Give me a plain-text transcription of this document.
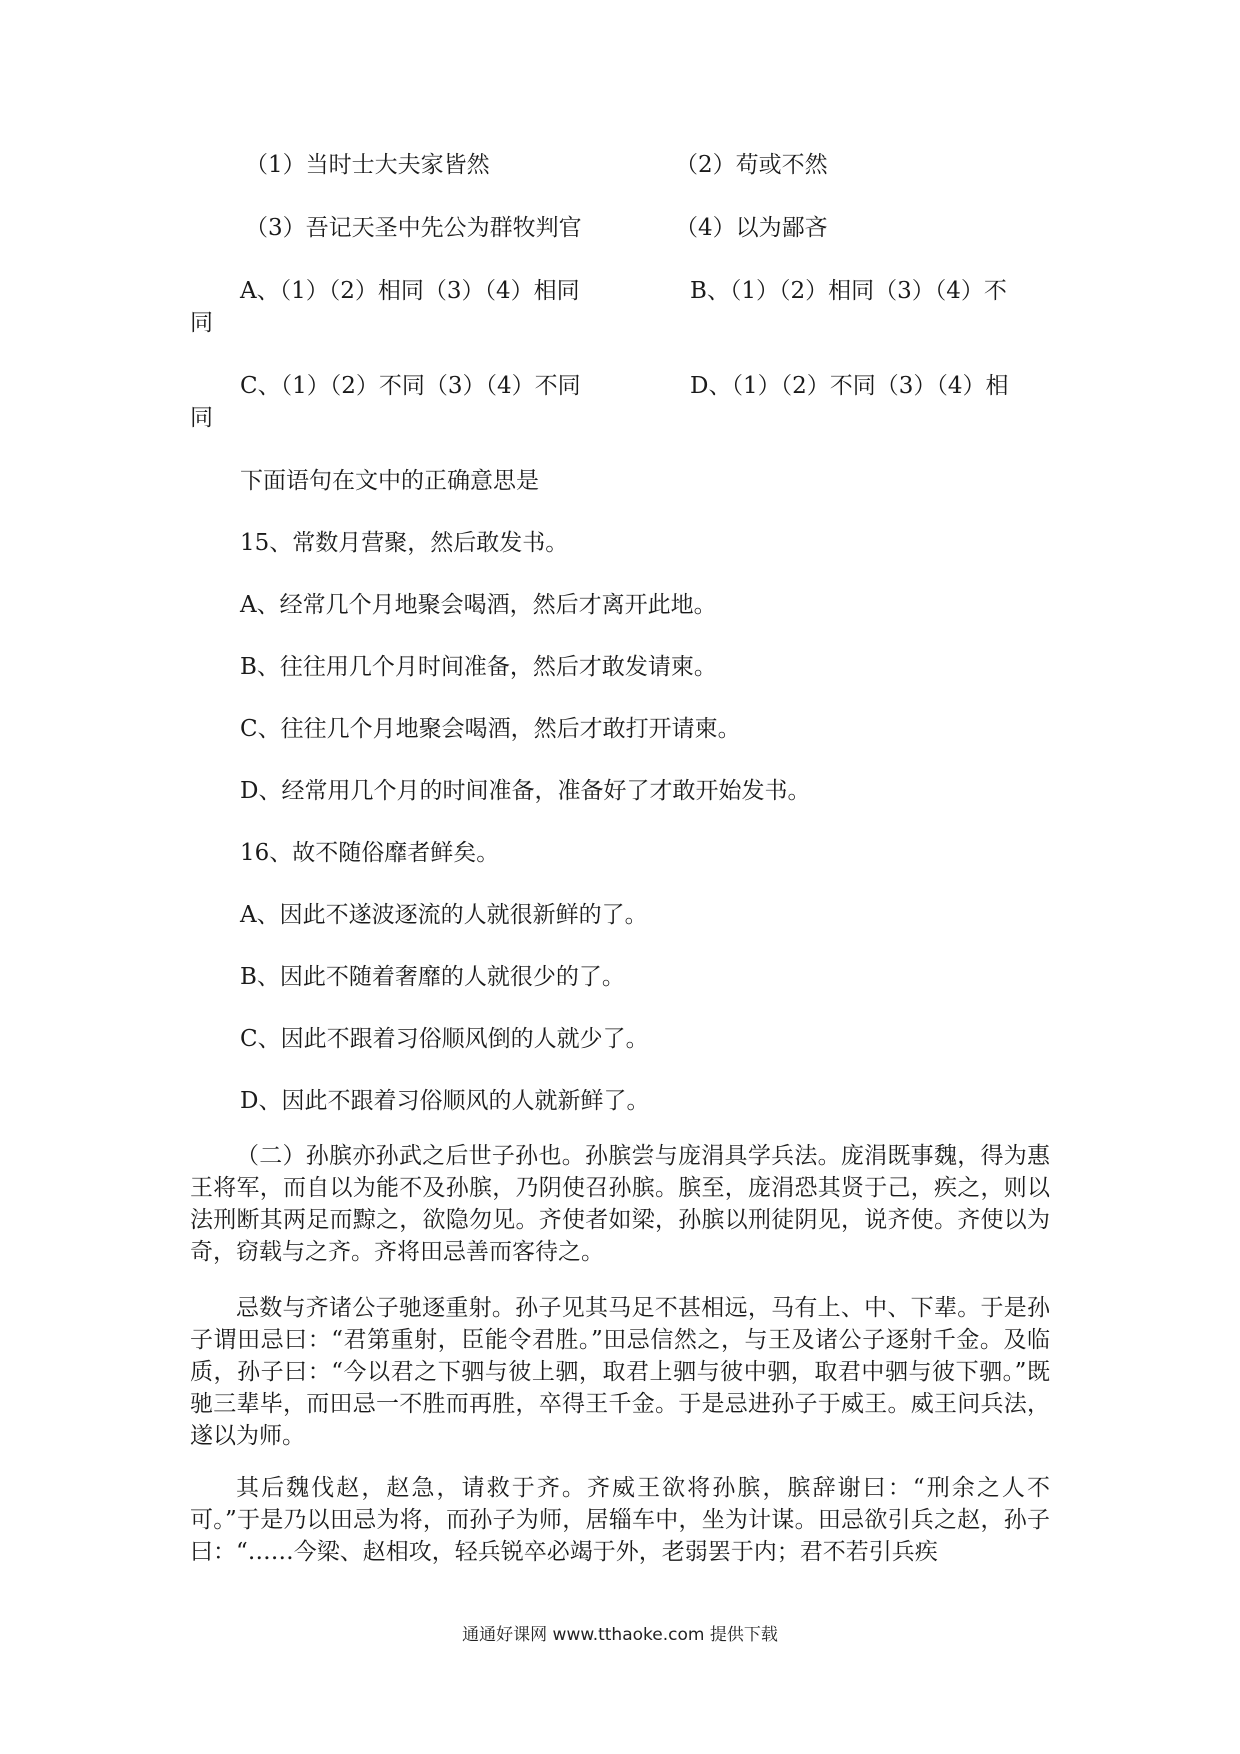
（1）当时士大夫家皆然	（2）苟或不然
（3）吾记天圣中先公为群牧判官	（4）以为鄙吝
A、（1）（2）相同（3）（4）相同	B、（1）（2）相同（3）（4）不
同
C、（1）（2）不同（3）（4）不同	D、（1）（2）不同（3）（4）相
同
下面语句在文中的正确意思是
15、常数月营聚，然后敢发书。
A、经常几个月地聚会喝酒，然后才离开此地。
B、往往用几个月时间准备，然后才敢发请柬。
C、往往几个月地聚会喝酒，然后才敢打开请柬。
D、经常用几个月的时间准备，准备好了才敢开始发书。
16、故不随俗靡者鲜矣。
A、因此不遂波逐流的人就很新鲜的了。
B、因此不随着奢靡的人就很少的了。
C、因此不跟着习俗顺风倒的人就少了。
D、因此不跟着习俗顺风的人就新鲜了。
（二）孙膑亦孙武之后世子孙也。孙膑尝与庞涓具学兵法。庞涓既事魏，得为惠王将军，而自以为能不及孙膑，乃阴使召孙膑。膑至，庞涓恐其贤于己，疾之，则以法刑断其两足而黥之，欲隐勿见。齐使者如梁，孙膑以刑徒阴见，说齐使。齐使以为奇，窃载与之齐。齐将田忌善而客待之。
忌数与齐诸公子驰逐重射。孙子见其马足不甚相远，马有上、中、下辈。于是孙子谓田忌曰：“君第重射，臣能令君胜。”田忌信然之，与王及诸公子逐射千金。及临质，孙子曰：“今以君之下驷与彼上驷，取君上驷与彼中驷，取君中驷与彼下驷。”既驰三辈毕，而田忌一不胜而再胜，卒得王千金。于是忌进孙子于威王。威王问兵法，遂以为师。
其后魏伐赵，赵急，请救于齐。齐威王欲将孙膑，膑辞谢曰：“刑余之人不可。”于是乃以田忌为将，而孙子为师，居辎车中，坐为计谋。田忌欲引兵之赵，孙子曰：“……今梁、赵相攻，轻兵锐卒必竭于外，老弱罢于内；君不若引兵疾
通通好课网 www.tthaoke.com 提供下载
